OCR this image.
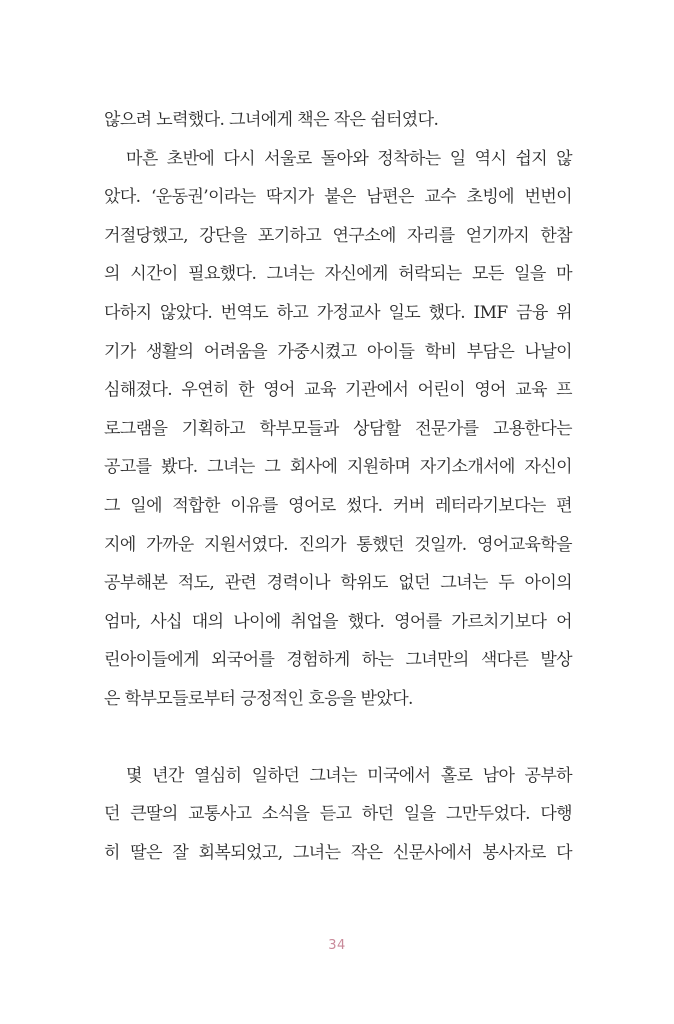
않으려 노력했다. 그녀에게 책은 작은 쉼터였다.
마흔 초반에 다시 서울로 돌아와 정착하는 일 역시 쉽지 않
았다. ‘운동권’이라는 딱지가 붙은 남편은 교수 초빙에 번번이
거절당했고, 강단을 포기하고 연구소에 자리를 얻기까지 한참
의 시간이 필요했다. 그녀는 자신에게 허락되는 모든 일을 마
다하지 않았다. 번역도 하고 가정교사 일도 했다. IMF 금융 위
기가 생활의 어려움을 가중시켰고 아이들 학비 부담은 나날이
심해졌다. 우연히 한 영어 교육 기관에서 어린이 영어 교육 프
로그램을 기획하고 학부모들과 상담할 전문가를 고용한다는
공고를 봤다. 그녀는 그 회사에 지원하며 자기소개서에 자신이
그 일에 적합한 이유를 영어로 썼다. 커버 레터라기보다는 편
지에 가까운 지원서였다. 진의가 통했던 것일까. 영어교육학을
공부해본 적도, 관련 경력이나 학위도 없던 그녀는 두 아이의
엄마, 사십 대의 나이에 취업을 했다. 영어를 가르치기보다 어
린아이들에게 외국어를 경험하게 하는 그녀만의 색다른 발상
은 학부모들로부터 긍정적인 호응을 받았다.
몇 년간 열심히 일하던 그녀는 미국에서 홀로 남아 공부하
던 큰딸의 교통사고 소식을 듣고 하던 일을 그만두었다. 다행
히 딸은 잘 회복되었고, 그녀는 작은 신문사에서 봉사자로 다
34
